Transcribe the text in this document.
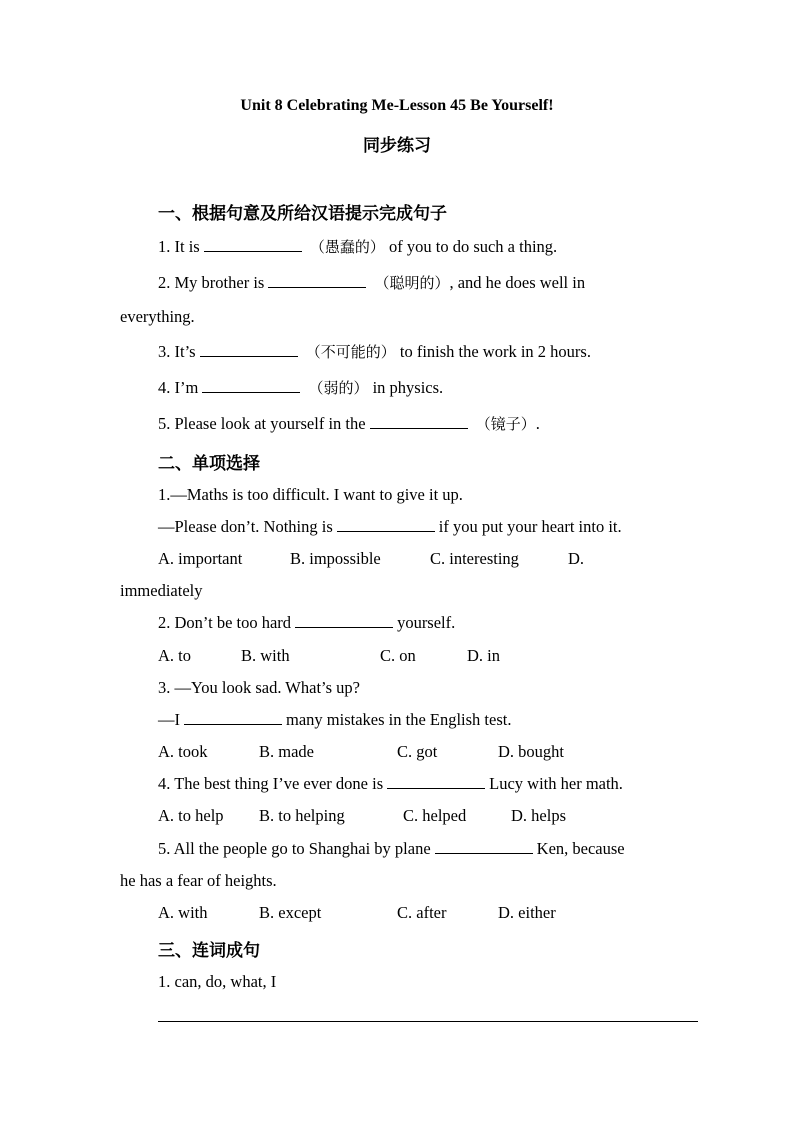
Unit 8 Celebrating Me-Lesson 45 Be Yourself!
同步练习
一、根据句意及所给汉语提示完成句子
1. It is	（愚蠢的） of you to do such a thing.
2. My brother is	（聪明的）, and he does well in
everything.
3. It’s	（不可能的） to finish the work in 2 hours.
4. I’m	（弱的） in physics.
5. Please look at yourself in the	（镜子）.
二、单项选择
1.—Maths is too difficult. I want to give it up.
—Please don’t. Nothing is	if you put your heart into it.
A. important	B. impossible	C. interesting	D.
immediately
2. Don’t be too hard	yourself.
A. to	B. with	C. on	D. in
3. —You look sad. What’s up?
—I	many mistakes in the English test.
A. took	B. made	C. got	D. bought
4. The best thing I’ve ever done is	Lucy with her math.
A. to help B. to helping	C. helped	D. helps
5. All the people go to Shanghai by plane	Ken, because
he has a fear of heights.
A. with	B. except	C. after	D. either
三、连词成句
1. can, do, what, I
